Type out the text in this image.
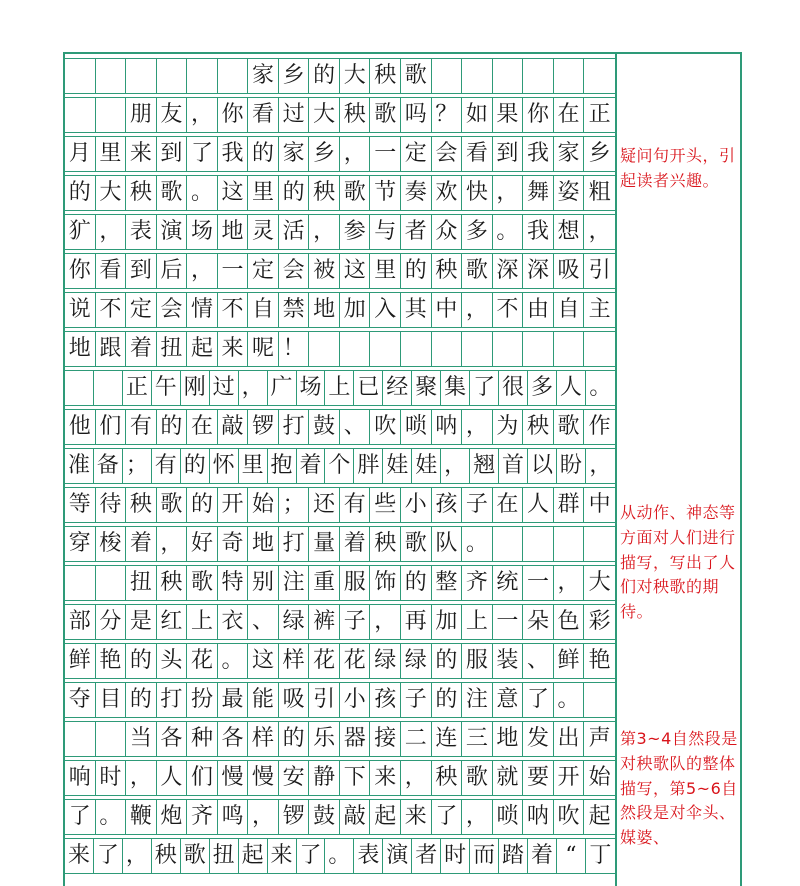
家 乡 的 大 秧 歌
朋 友 ， 你 看 过 大 秧 歌 吗 ？ 如 果 你 在 正
月 里 来 到 了 我 的 家 乡 ， 一 定 会 看 到 我 家 乡
的 大 秧 歌 。 这 里 的 秧 歌 节 奏 欢 快 ， 舞 姿 粗
犷 ， 表 演 场 地 灵 活 ， 参 与 者 众 多 。 我 想 ，
你 看 到 后 ， 一 定 会 被 这 里 的 秧 歌 深 深 吸 引
说 不 定 会 情 不 自 禁 地 加 入 其 中 ， 不 由 自 主
地 跟 着 扭 起 来 呢 ！
正 午 刚 过 ， 广 场 上 已 经 聚 集 了 很 多 人 。
他 们 有 的 在 敲 锣 打 鼓 、 吹 唢 呐 ， 为 秧 歌 作
准 备 ； 有 的 怀 里 抱 着 个 胖 娃 娃 ， 翘 首 以 盼 ，
等 待 秧 歌 的 开 始 ； 还 有 些 小 孩 子 在 人 群 中
穿 梭 着 ， 好 奇 地 打 量 着 秧 歌 队 。
扭 秧 歌 特 别 注 重 服 饰 的 整 齐 统 一 ， 大
部 分 是 红 上 衣 、 绿 裤 子 ， 再 加 上 一 朵 色 彩
鲜 艳 的 头 花 。 这 样 花 花 绿 绿 的 服 装 、 鲜 艳
夺 目 的 打 扮 最 能 吸 引 小 孩 子 的 注 意 了 。
当 各 种 各 样 的 乐 器 接 二 连 三 地 发 出 声
响 时 ， 人 们 慢 慢 安 静 下 来 ， 秧 歌 就 要 开 始
了 。 鞭 炮 齐 鸣 ， 锣 鼓 敲 起 来 了 ， 唢 呐 吹 起
来 了 ， 秧 歌 扭 起 来 了 。 表 演 者 时 而 踏 着 “ 丁
疑问句开头，引起读者兴趣。
从动作、神态等方面对人们进行描写，写出了人们对秧歌的期待。
第3~4自然段是对秧歌队的整体描写，第5~6自然段是对伞头、媒婆、
